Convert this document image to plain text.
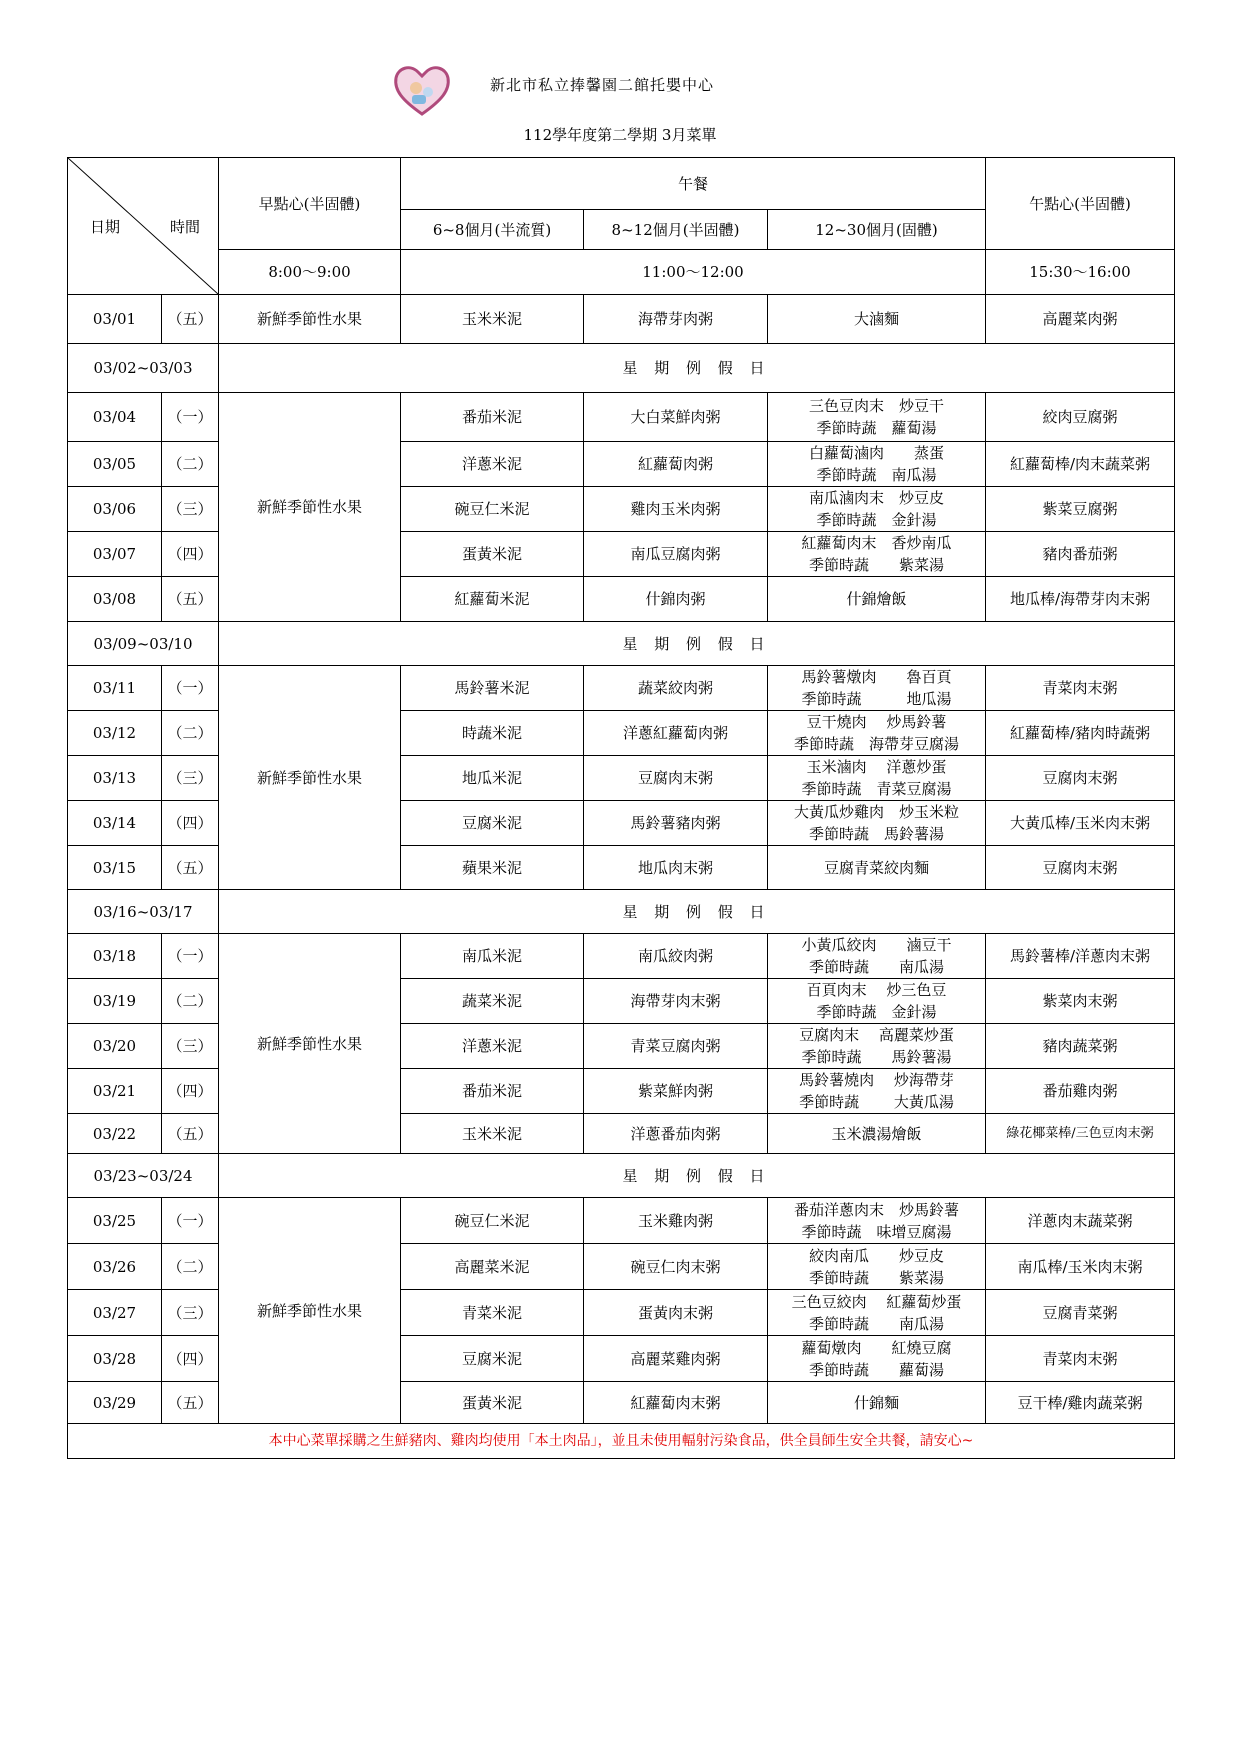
新北市私立捧馨園二館托嬰中心
112學年度第二學期 3月菜單
日期 時間		早點心(半固體)	午餐			午點心(半固體)
			6~8個月(半流質)	8~12個月(半固體)	12~30個月(固體)	
		8:00～9:00	11:00～12:00			15:30～16:00
03/01	（五）	新鮮季節性水果	玉米米泥	海帶芽肉粥	大滷麵	高麗菜肉粥
03/02~03/03		星 期 例 假 日				
03/04	（一）	新鮮季節性水果	番茄米泥	大白菜鮮肉粥	三色豆肉末　炒豆干
季節時蔬　蘿蔔湯	絞肉豆腐粥
03/05	（二）		洋蔥米泥	紅蘿蔔肉粥	白蘿蔔滷肉　　蒸蛋
季節時蔬　南瓜湯	紅蘿蔔棒/肉末蔬菜粥
03/06	（三）		碗豆仁米泥	雞肉玉米肉粥	南瓜滷肉末　炒豆皮
季節時蔬　金針湯	紫菜豆腐粥
03/07	（四）		蛋黃米泥	南瓜豆腐肉粥	紅蘿蔔肉末　香炒南瓜
季節時蔬　　紫菜湯	豬肉番茄粥
03/08	（五）		紅蘿蔔米泥	什錦肉粥	什錦燴飯	地瓜棒/海帶芽肉末粥
03/09~03/10		星 期 例 假 日				
03/11	（一）	新鮮季節性水果	馬鈴薯米泥	蔬菜絞肉粥	馬鈴薯燉肉　　魯百頁
季節時蔬　　　地瓜湯	青菜肉末粥
03/12	（二）		時蔬米泥	洋蔥紅蘿蔔肉粥	豆干燒肉　 炒馬鈴薯
季節時蔬　海帶芽豆腐湯	紅蘿蔔棒/豬肉時蔬粥
03/13	（三）		地瓜米泥	豆腐肉末粥	玉米滷肉　 洋蔥炒蛋
季節時蔬　青菜豆腐湯	豆腐肉末粥
03/14	（四）		豆腐米泥	馬鈴薯豬肉粥	大黃瓜炒雞肉　炒玉米粒
季節時蔬　馬鈴薯湯	大黃瓜棒/玉米肉末粥
03/15	（五）		蘋果米泥	地瓜肉末粥	豆腐青菜絞肉麵	豆腐肉末粥
03/16~03/17		星 期 例 假 日				
03/18	（一）	新鮮季節性水果	南瓜米泥	南瓜絞肉粥	小黃瓜絞肉　　滷豆干
季節時蔬　　南瓜湯	馬鈴薯棒/洋蔥肉末粥
03/19	（二）		蔬菜米泥	海帶芽肉末粥	百頁肉末　 炒三色豆
季節時蔬　金針湯	紫菜肉末粥
03/20	（三）		洋蔥米泥	青菜豆腐肉粥	豆腐肉末　 高麗菜炒蛋
季節時蔬　　馬鈴薯湯	豬肉蔬菜粥
03/21	（四）		番茄米泥	紫菜鮮肉粥	馬鈴薯燒肉　 炒海帶芽
季節時蔬　　 大黃瓜湯	番茄雞肉粥
03/22	（五）		玉米米泥	洋蔥番茄肉粥	玉米濃湯燴飯	綠花椰菜棒/三色豆肉末粥
03/23~03/24		星 期 例 假 日				
03/25	（一）	新鮮季節性水果	碗豆仁米泥	玉米雞肉粥	番茄洋蔥肉末　炒馬鈴薯
季節時蔬　味增豆腐湯	洋蔥肉末蔬菜粥
03/26	（二）		高麗菜米泥	碗豆仁肉末粥	絞肉南瓜　　炒豆皮
季節時蔬　　紫菜湯	南瓜棒/玉米肉末粥
03/27	（三）		青菜米泥	蛋黃肉末粥	三色豆絞肉　 紅蘿蔔炒蛋
季節時蔬　　南瓜湯	豆腐青菜粥
03/28	（四）		豆腐米泥	高麗菜雞肉粥	蘿蔔燉肉　　紅燒豆腐
季節時蔬　　蘿蔔湯	青菜肉末粥
03/29	（五）		蛋黃米泥	紅蘿蔔肉末粥	什錦麵	豆干棒/雞肉蔬菜粥
本中心菜單採購之生鮮豬肉、雞肉均使用「本土肉品」，並且未使用輻射污染食品，供全員師生安全共餐，請安心~						
